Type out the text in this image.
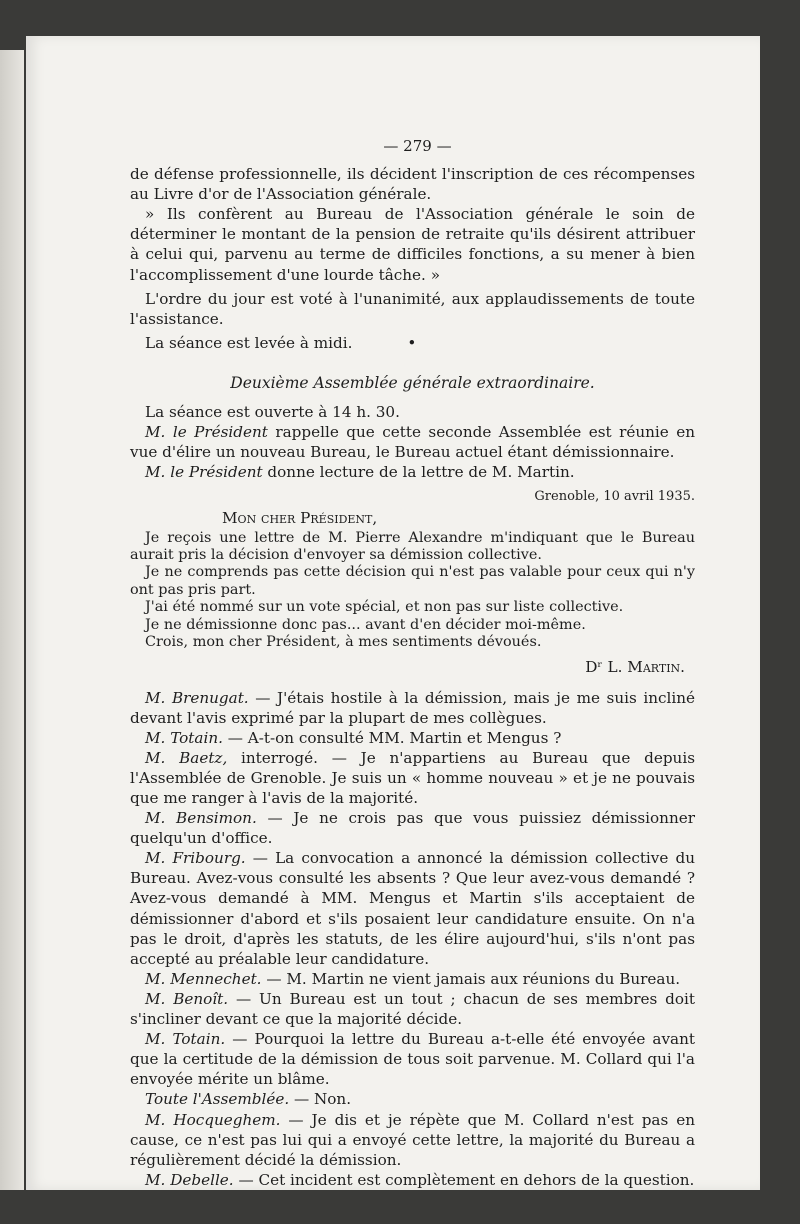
— 279 —

de défense professionnelle, ils décident l'inscription de ces récompenses au Livre d'or de l'Association générale.

» Ils confèrent au Bureau de l'Association générale le soin de déterminer le montant de la pension de retraite qu'ils désirent attribuer à celui qui, parvenu au terme de difficiles fonctions, a su mener à bien l'accomplissement d'une lourde tâche. »

L'ordre du jour est voté à l'unanimité, aux applaudissements de toute l'assistance.

La séance est levée à midi.	•

Deuxième Assemblée générale extraordinaire.

La séance est ouverte à 14 h. 30.

M. le Président rappelle que cette seconde Assemblée est réunie en vue d'élire un nouveau Bureau, le Bureau actuel étant démissionnaire.

M. le Président donne lecture de la lettre de M. Martin.

Grenoble, 10 avril 1935.

Mon cher Président,

Je reçois une lettre de M. Pierre Alexandre m'indiquant que le Bureau aurait pris la décision d'envoyer sa démission collective.

Je ne comprends pas cette décision qui n'est pas valable pour ceux qui n'y ont pas pris part.

J'ai été nommé sur un vote spécial, et non pas sur liste collective.

Je ne démissionne donc pas... avant d'en décider moi-même.

Crois, mon cher Président, à mes sentiments dévoués.

Dʳ L. Martin.

M. Brenugat. — J'étais hostile à la démission, mais je me suis incliné devant l'avis exprimé par la plupart de mes collègues.

M. Totain. — A-t-on consulté MM. Martin et Mengus ?

M. Baetz, interrogé. — Je n'appartiens au Bureau que depuis l'Assemblée de Grenoble. Je suis un « homme nouveau » et je ne pouvais que me ranger à l'avis de la majorité.

M. Bensimon. — Je ne crois pas que vous puissiez démissionner quelqu'un d'office.

M. Fribourg. — La convocation a annoncé la démission collective du Bureau. Avez-vous consulté les absents ? Que leur avez-vous demandé ? Avez-vous demandé à MM. Mengus et Martin s'ils acceptaient de démissionner d'abord et s'ils posaient leur candidature ensuite. On n'a pas le droit, d'après les statuts, de les élire aujourd'hui, s'ils n'ont pas accepté au préalable leur candidature.

M. Mennechet. — M. Martin ne vient jamais aux réunions du Bureau.

M. Benoît. — Un Bureau est un tout ; chacun de ses membres doit s'incliner devant ce que la majorité décide.

M. Totain. — Pourquoi la lettre du Bureau a-t-elle été envoyée avant que la certitude de la démission de tous soit parvenue. M. Collard qui l'a envoyée mérite un blâme.

Toute l'Assemblée. — Non.

M. Hocqueghem. — Je dis et je répète que M. Collard n'est pas en cause, ce n'est pas lui qui a envoyé cette lettre, la majorité du Bureau a régulièrement décidé la démission.

M. Debelle. — Cet incident est complètement en dehors de la question.
